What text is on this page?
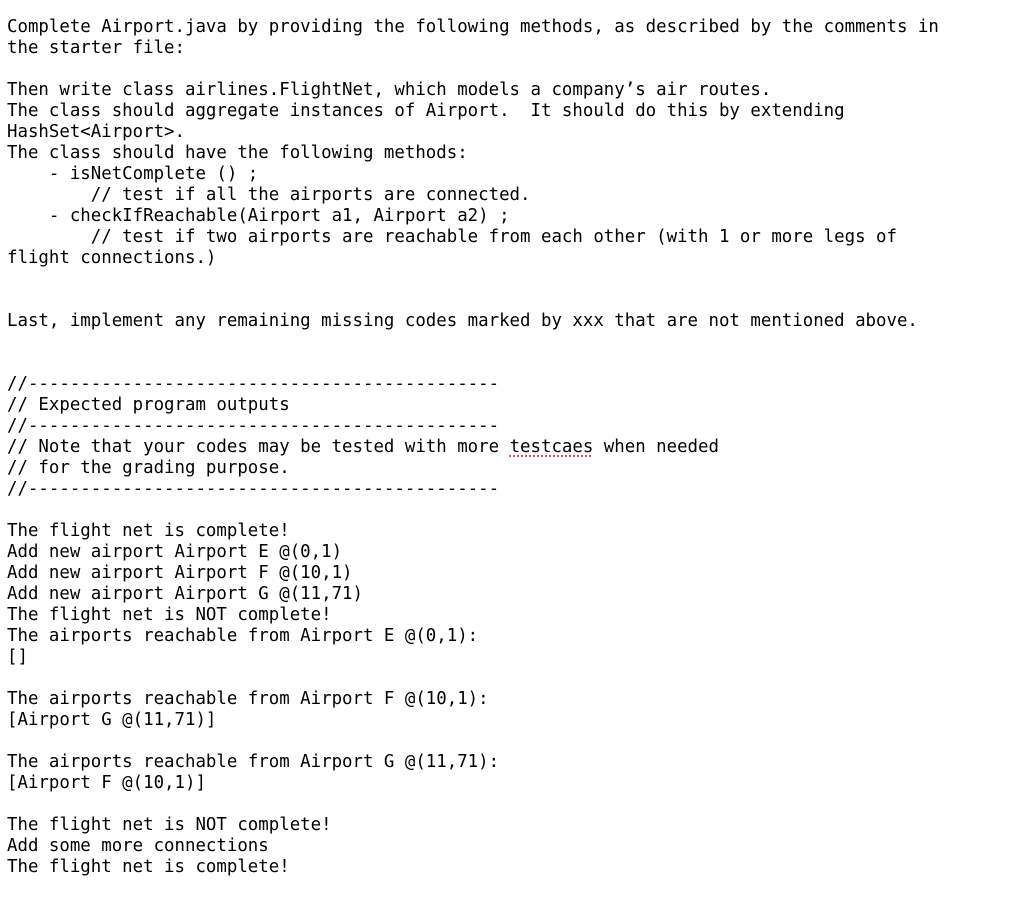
Complete Airport.java by providing the following methods, as described by the comments in
the starter file:
Then write class airlines.FlightNet, which models a company’s air routes.
The class should aggregate instances of Airport.  It should do this by extending
HashSet<Airport>.
The class should have the following methods:
- isNetComplete () ;
// test if all the airports are connected.
- checkIfReachable(Airport a1, Airport a2) ;
// test if two airports are reachable from each other (with 1 or more legs of
flight connections.)
Last, implement any remaining missing codes marked by xxx that are not mentioned above.
//---------------------------------------------
// Expected program outputs
//---------------------------------------------
// Note that your codes may be tested with more testcaes when needed
// for the grading purpose.
//---------------------------------------------
The flight net is complete!
Add new airport Airport E @(0,1)
Add new airport Airport F @(10,1)
Add new airport Airport G @(11,71)
The flight net is NOT complete!
The airports reachable from Airport E @(0,1):
[]
The airports reachable from Airport F @(10,1):
[Airport G @(11,71)]
The airports reachable from Airport G @(11,71):
[Airport F @(10,1)]
The flight net is NOT complete!
Add some more connections
The flight net is complete!
